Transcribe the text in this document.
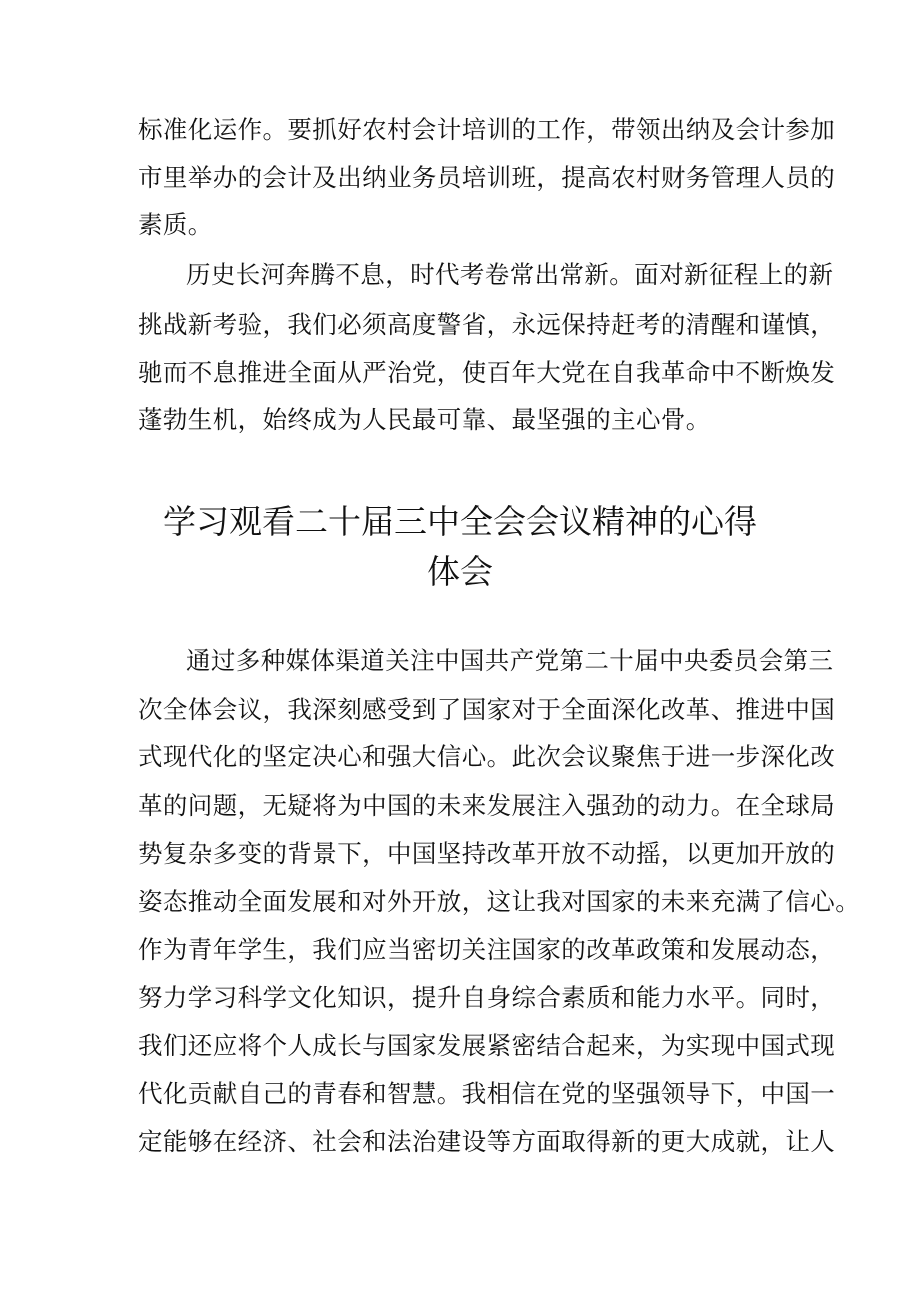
标准化运作。要抓好农村会计培训的工作，带领出纳及会计参加
市里举办的会计及出纳业务员培训班，提高农村财务管理人员的
素质。
历史长河奔腾不息，时代考卷常出常新。面对新征程上的新
挑战新考验，我们必须高度警省，永远保持赶考的清醒和谨慎，
驰而不息推进全面从严治党，使百年大党在自我革命中不断焕发
蓬勃生机，始终成为人民最可靠、最坚强的主心骨。
学习观看二十届三中全会会议精神的心得
体会
通过多种媒体渠道关注中国共产党第二十届中央委员会第三
次全体会议，我深刻感受到了国家对于全面深化改革、推进中国
式现代化的坚定决心和强大信心。此次会议聚焦于进一步深化改
革的问题，无疑将为中国的未来发展注入强劲的动力。在全球局
势复杂多变的背景下，中国坚持改革开放不动摇，以更加开放的
姿态推动全面发展和对外开放，这让我对国家的未来充满了信心。
作为青年学生，我们应当密切关注国家的改革政策和发展动态，
努力学习科学文化知识，提升自身综合素质和能力水平。同时，
我们还应将个人成长与国家发展紧密结合起来，为实现中国式现
代化贡献自己的青春和智慧。我相信在党的坚强领导下，中国一
定能够在经济、社会和法治建设等方面取得新的更大成就，让人
